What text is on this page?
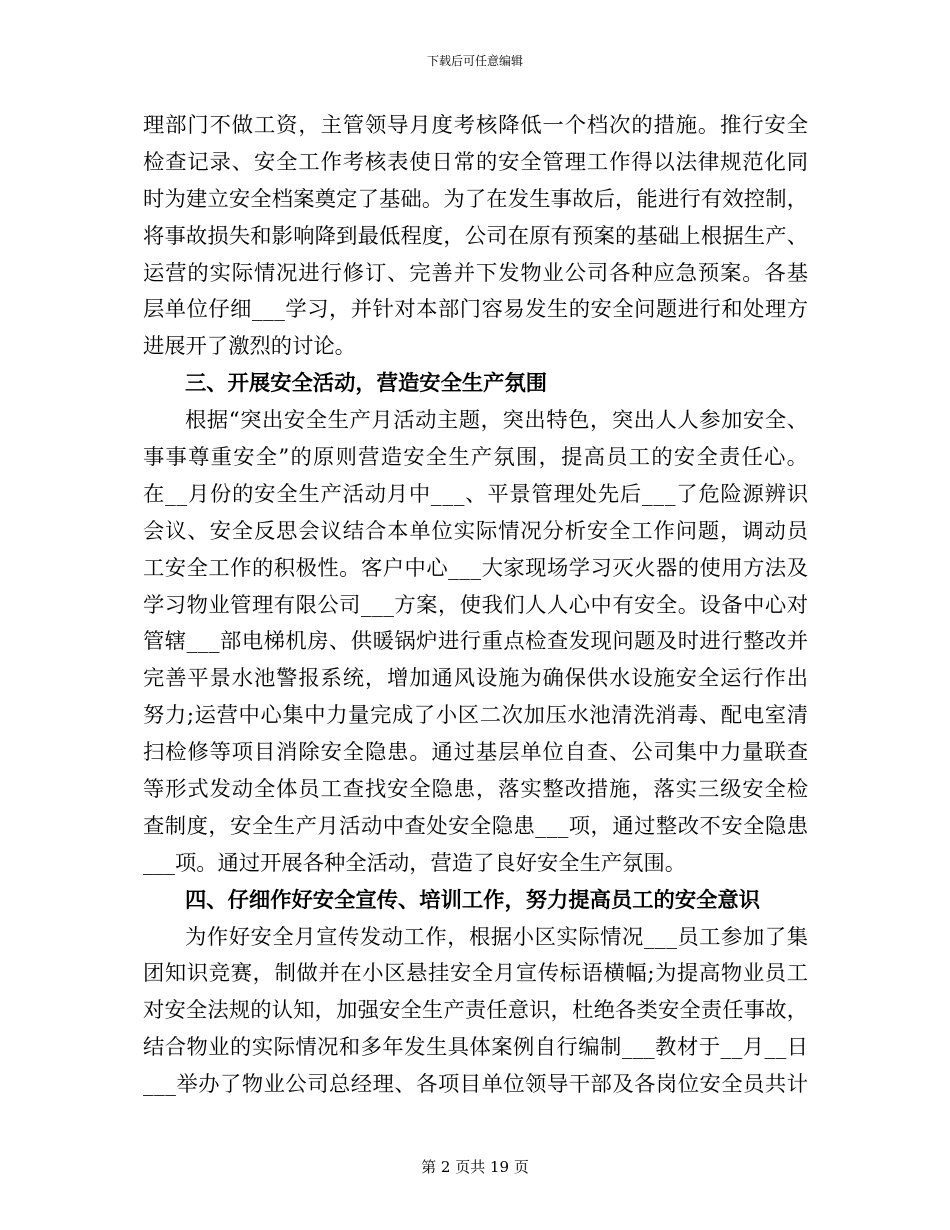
下载后可任意编辑
理部门不做工资，主管领导月度考核降低一个档次的措施。推行安全
检查记录、安全工作考核表使日常的安全管理工作得以法律规范化同
时为建立安全档案奠定了基础。为了在发生事故后，能进行有效控制，
将事故损失和影响降到最低程度，公司在原有预案的基础上根据生产、
运营的实际情况进行修订、完善并下发物业公司各种应急预案。各基
层单位仔细___学习，并针对本部门容易发生的安全问题进行和处理方
进展开了激烈的讨论。
三、开展安全活动，营造安全生产氛围
根据“突出安全生产月活动主题，突出特色，突出人人参加安全、
事事尊重安全”的原则营造安全生产氛围，提高员工的安全责任心。
在__月份的安全生产活动月中___、平景管理处先后___了危险源辨识
会议、安全反思会议结合本单位实际情况分析安全工作问题，调动员
工安全工作的积极性。客户中心___大家现场学习灭火器的使用方法及
学习物业管理有限公司___方案，使我们人人心中有安全。设备中心对
管辖___部电梯机房、供暖锅炉进行重点检查发现问题及时进行整改并
完善平景水池警报系统，增加通风设施为确保供水设施安全运行作出
努力;运营中心集中力量完成了小区二次加压水池清洗消毒、配电室清
扫检修等项目消除安全隐患。通过基层单位自查、公司集中力量联查
等形式发动全体员工查找安全隐患，落实整改措施，落实三级安全检
查制度，安全生产月活动中查处安全隐患___项，通过整改不安全隐患
___项。通过开展各种全活动，营造了良好安全生产氛围。
四、仔细作好安全宣传、培训工作，努力提高员工的安全意识
为作好安全月宣传发动工作，根据小区实际情况___员工参加了集
团知识竞赛，制做并在小区悬挂安全月宣传标语横幅;为提高物业员工
对安全法规的认知，加强安全生产责任意识，杜绝各类安全责任事故，
结合物业的实际情况和多年发生具体案例自行编制___教材于__月__日
___举办了物业公司总经理、各项目单位领导干部及各岗位安全员共计
第 2 页共 19 页
